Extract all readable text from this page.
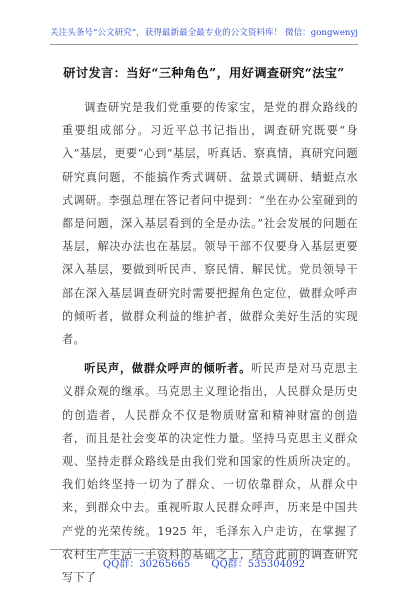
关注头条号“公文研究”，获得最新最全最专业的公文资料库！ 微信：gongwenyj
研讨发言：当好“三种角色”，用好调查研究“法宝”

调查研究是我们党重要的传家宝，是党的群众路线的重要组成部分。习近平总书记指出，调查研究既要“身入”基层，更要“心到”基层，听真话、察真情，真研究问题研究真问题，不能搞作秀式调研、盆景式调研、蜻蜓点水式调研。李强总理在答记者问中提到：“坐在办公室碰到的都是问题，深入基层看到的全是办法。”社会发展的问题在基层，解决办法也在基层。领导干部不仅要身入基层更要深入基层，要做到听民声、察民情、解民忧。党员领导干部在深入基层调查研究时需要把握角色定位，做群众呼声的倾听者，做群众利益的维护者，做群众美好生活的实现者。

听民声，做群众呼声的倾听者。听民声是对马克思主义群众观的继承。马克思主义理论指出，人民群众是历史的创造者，人民群众不仅是物质财富和精神财富的创造者，而且是社会变革的决定性力量。坚持马克思主义群众观、坚持走群众路线是由我们党和国家的性质所决定的。我们始终坚持一切为了群众、一切依靠群众，从群众中来，到群众中去。重视听取人民群众呼声，历来是中国共产党的光荣传统。1925 年，毛泽东入户走访，在掌握了农村生产生活一手资料的基础之上，结合此前的调查研究写下了

QQ群：30265665 QQ群：535304092
